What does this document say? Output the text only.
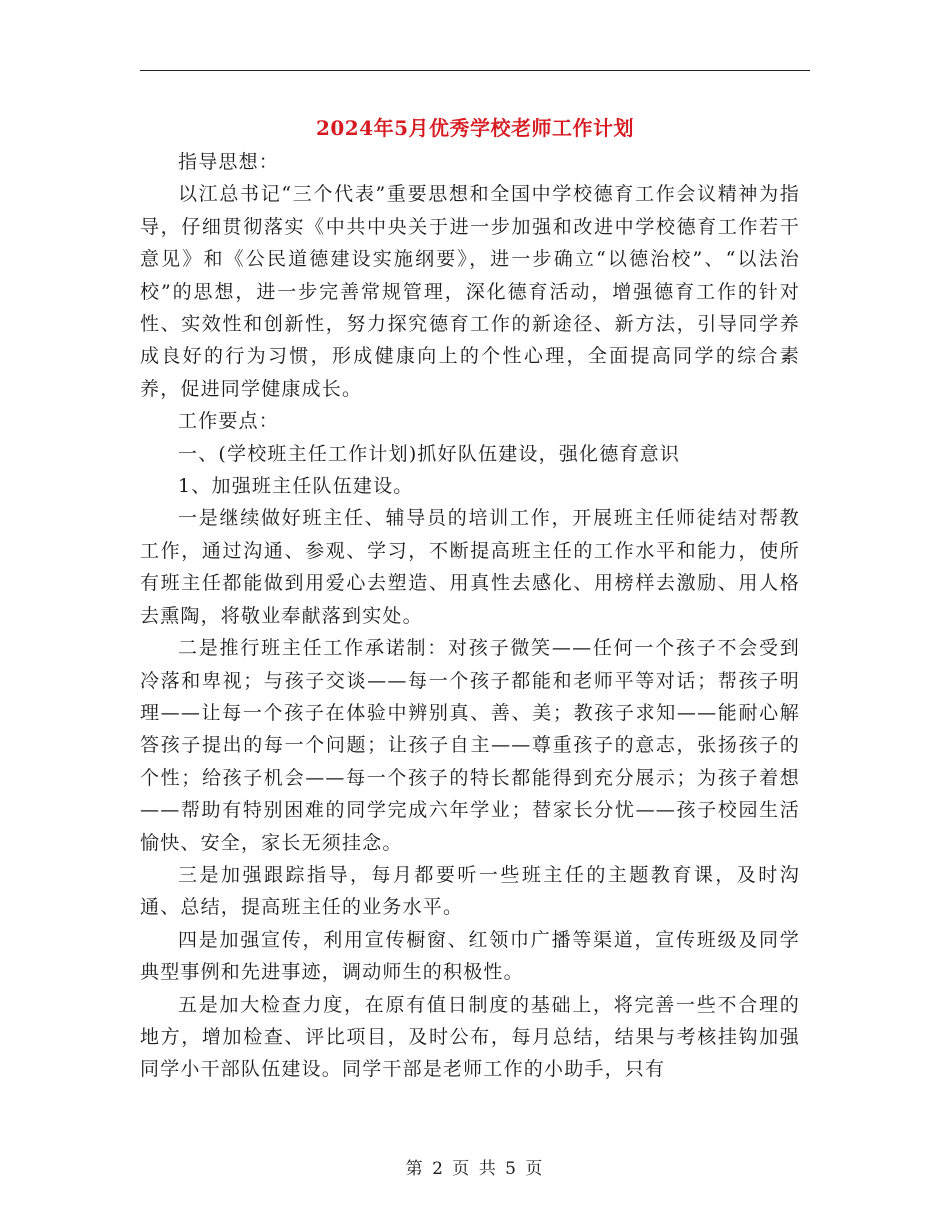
2024年5月优秀学校老师工作计划

指导思想：

以江总书记“三个代表”重要思想和全国中学校德育工作会议精神为指导，仔细贯彻落实《中共中央关于进一步加强和改进中学校德育工作若干意见》和《公民道德建设实施纲要》，进一步确立“以德治校”、“以法治校”的思想，进一步完善常规管理，深化德育活动，增强德育工作的针对性、实效性和创新性，努力探究德育工作的新途径、新方法，引导同学养成良好的行为习惯，形成健康向上的个性心理，全面提高同学的综合素养，促进同学健康成长。

工作要点：

一、(学校班主任工作计划)抓好队伍建设，强化德育意识

1、加强班主任队伍建设。

一是继续做好班主任、辅导员的培训工作，开展班主任师徒结对帮教工作，通过沟通、参观、学习，不断提高班主任的工作水平和能力，使所有班主任都能做到用爱心去塑造、用真性去感化、用榜样去激励、用人格去熏陶，将敬业奉献落到实处。

二是推行班主任工作承诺制：对孩子微笑——任何一个孩子不会受到冷落和卑视；与孩子交谈——每一个孩子都能和老师平等对话；帮孩子明理——让每一个孩子在体验中辨别真、善、美；教孩子求知——能耐心解答孩子提出的每一个问题；让孩子自主——尊重孩子的意志，张扬孩子的个性；给孩子机会——每一个孩子的特长都能得到充分展示；为孩子着想——帮助有特别困难的同学完成六年学业；替家长分忧——孩子校园生活愉快、安全，家长无须挂念。

三是加强跟踪指导，每月都要听一些班主任的主题教育课，及时沟通、总结，提高班主任的业务水平。

四是加强宣传，利用宣传橱窗、红领巾广播等渠道，宣传班级及同学典型事例和先进事迹，调动师生的积极性。

五是加大检查力度，在原有值日制度的基础上，将完善一些不合理的地方，增加检查、评比项目，及时公布，每月总结，结果与考核挂钩加强同学小干部队伍建设。同学干部是老师工作的小助手，只有

第 2 页 共 5 页
